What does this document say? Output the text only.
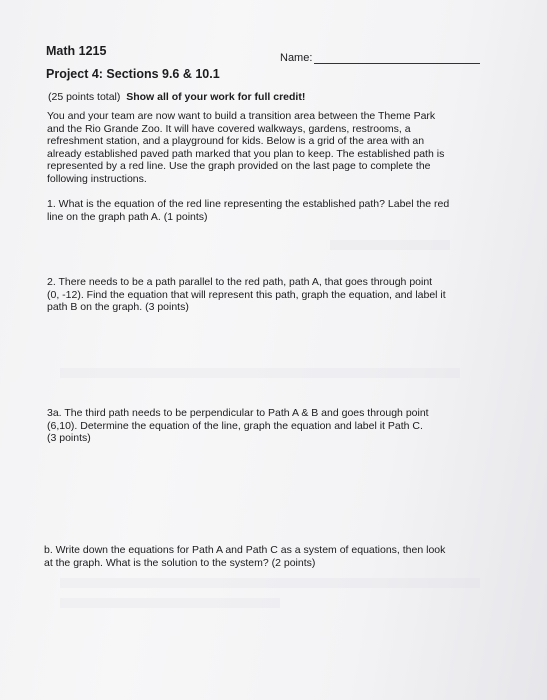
Math 1215	Name:
Project 4: Sections 9.6 & 10.1
(25 points total) Show all of your work for full credit!
You and your team are now want to build a transition area between the Theme Park
and the Rio Grande Zoo. It will have covered walkways, gardens, restrooms, a
refreshment station, and a playground for kids. Below is a grid of the area with an
already established paved path marked that you plan to keep. The established path is
represented by a red line. Use the graph provided on the last page to complete the
following instructions.
1. What is the equation of the red line representing the established path? Label the red
line on the graph path A. (1 points)
2. There needs to be a path parallel to the red path, path A, that goes through point
(0, -12). Find the equation that will represent this path, graph the equation, and label it
path B on the graph. (3 points)
3a. The third path needs to be perpendicular to Path A & B and goes through point
(6,10). Determine the equation of the line, graph the equation and label it Path C.
(3 points)
b. Write down the equations for Path A and Path C as a system of equations, then look
at the graph. What is the solution to the system? (2 points)
